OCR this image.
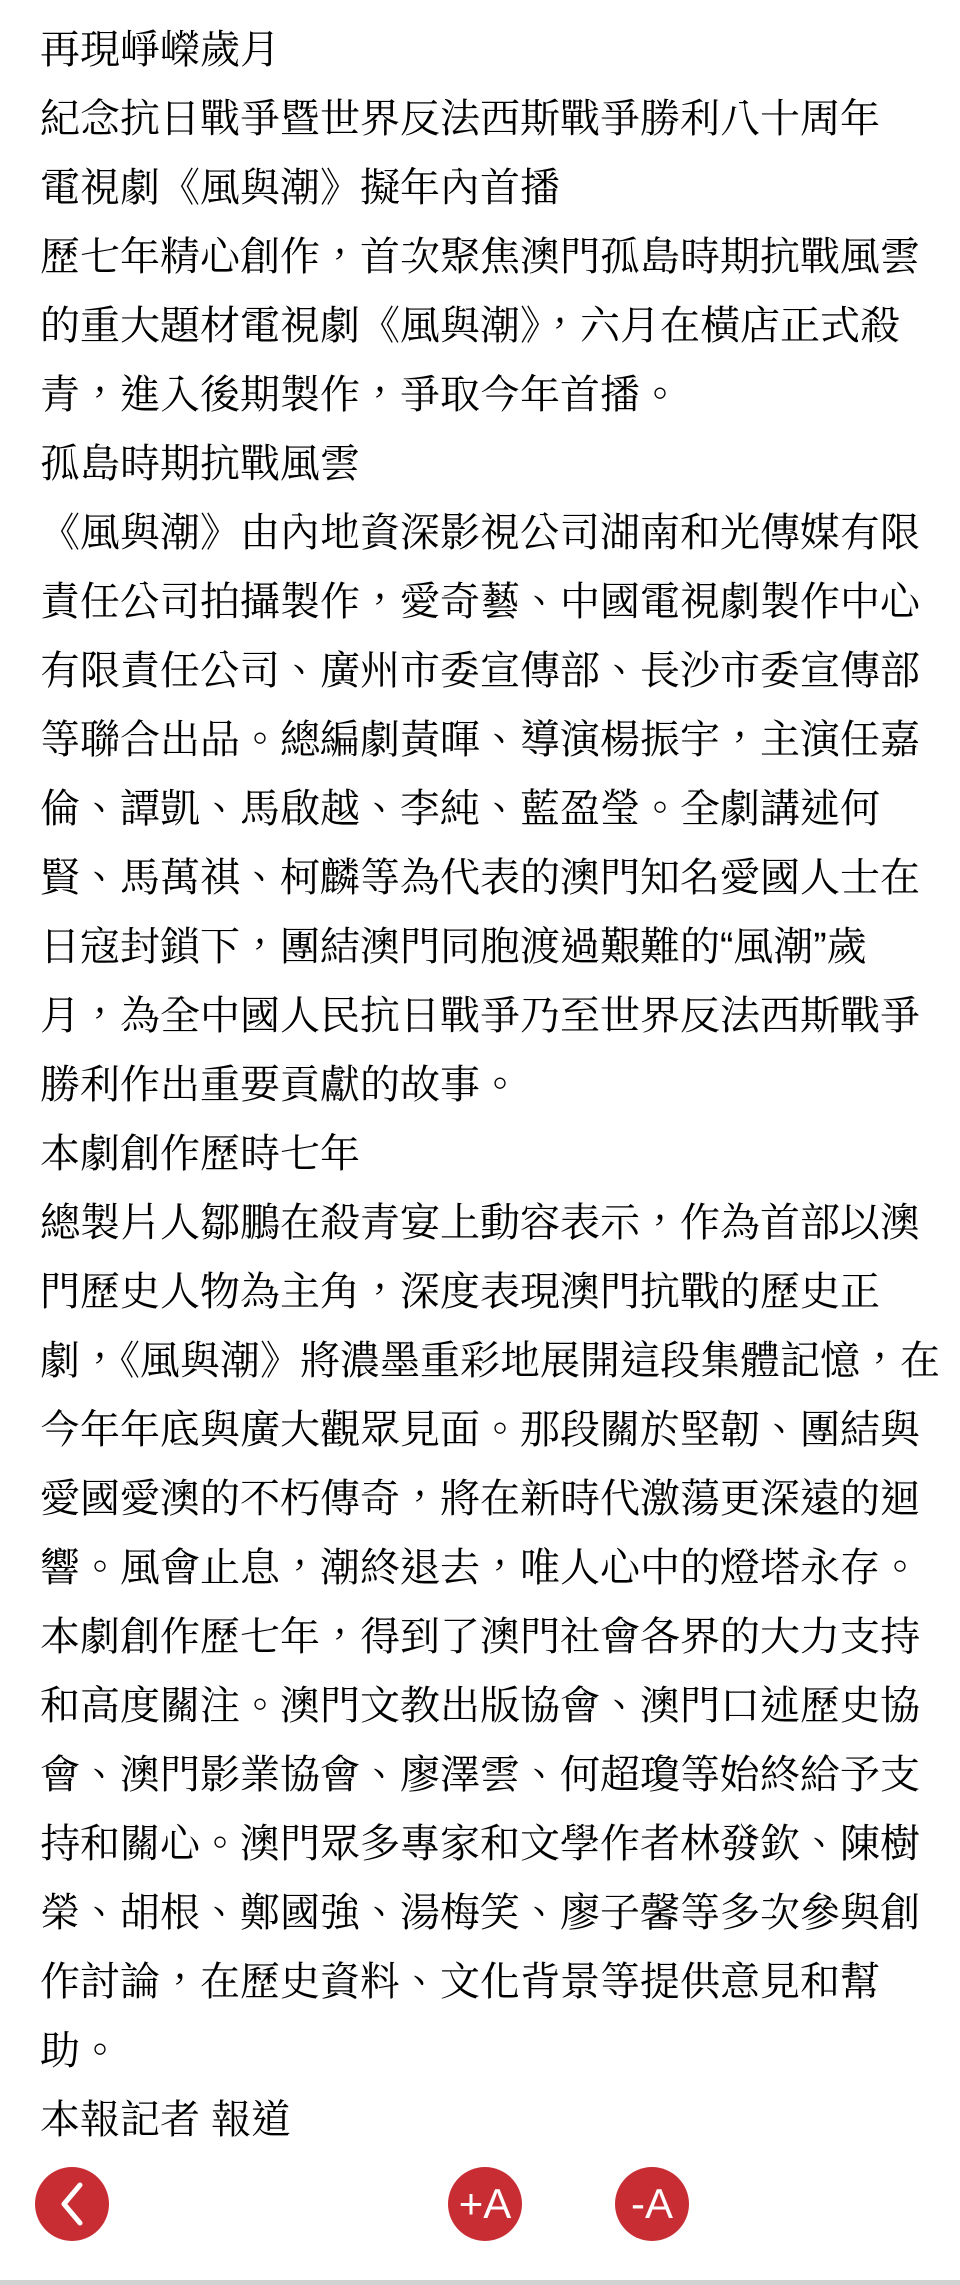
再現崢嶸歲月

紀念抗日戰爭暨世界反法西斯戰爭勝利八十周年

電視劇《風與潮》擬年內首播

歷七年精心創作，首次聚焦澳門孤島時期抗戰風雲的重大題材電視劇《風與潮》，六月在橫店正式殺青，進入後期製作，爭取今年首播。

孤島時期抗戰風雲

《風與潮》由內地資深影視公司湖南和光傳媒有限責任公司拍攝製作，愛奇藝、中國電視劇製作中心有限責任公司、廣州市委宣傳部、長沙市委宣傳部等聯合出品。總編劇黃暉、導演楊振宇，主演任嘉倫、譚凱、馬啟越、李純、藍盈瑩。全劇講述何賢、馬萬祺、柯麟等為代表的澳門知名愛國人士在日寇封鎖下，團結澳門同胞渡過艱難的“風潮”歲月，為全中國人民抗日戰爭乃至世界反法西斯戰爭勝利作出重要貢獻的故事。

本劇創作歷時七年

總製片人鄒鵬在殺青宴上動容表示，作為首部以澳門歷史人物為主角，深度表現澳門抗戰的歷史正劇，《風與潮》將濃墨重彩地展開這段集體記憶，在今年年底與廣大觀眾見面。那段關於堅韌、團結與愛國愛澳的不朽傳奇，將在新時代激蕩更深遠的迴響。風會止息，潮終退去，唯人心中的燈塔永存。

本劇創作歷七年，得到了澳門社會各界的大力支持和高度關注。澳門文教出版協會、澳門口述歷史協會、澳門影業協會、廖澤雲、何超瓊等始終給予支持和關心。澳門眾多專家和文學作者林發欽、陳樹榮、胡根、鄭國強、湯梅笑、廖子馨等多次參與創作討論，在歷史資料、文化背景等提供意見和幫助。

本報記者 報道

+A	-A
